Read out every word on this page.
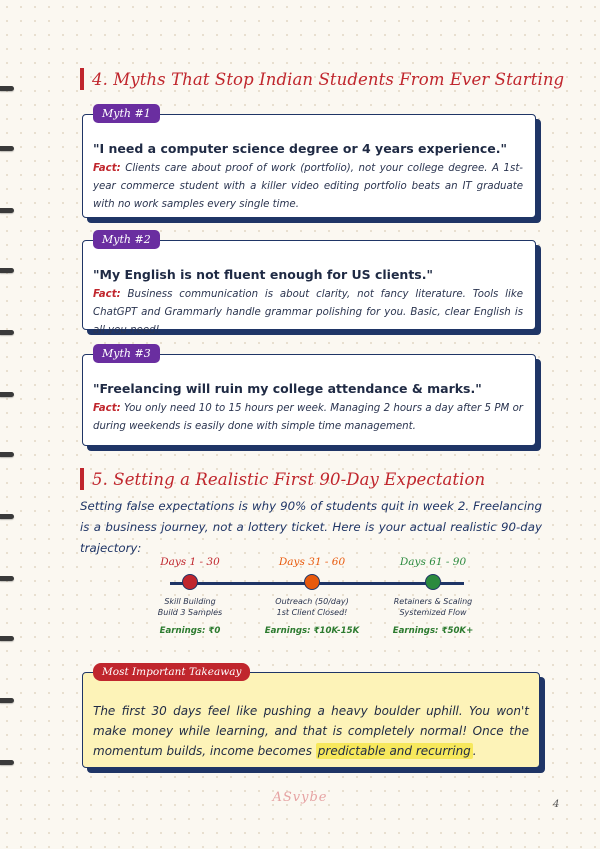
4. Myths That Stop Indian Students From Ever Starting
Myth #1

"I need a computer science degree or 4 years experience."

Fact: Clients care about proof of work (portfolio), not your college degree. A 1st-year commerce student with a killer video editing portfolio beats an IT graduate with no work samples every single time.

Myth #2

"My English is not fluent enough for US clients."

Fact: Business communication is about clarity, not fancy literature. Tools like ChatGPT and Grammarly handle grammar polishing for you. Basic, clear English is all you need!

Myth #3

"Freelancing will ruin my college attendance & marks."

Fact: You only need 10 to 15 hours per week. Managing 2 hours a day after 5 PM or during weekends is easily done with simple time management.

5. Setting a Realistic First 90-Day Expectation
Setting false expectations is why 90% of students quit in week 2. Freelancing is a business journey, not a lottery ticket. Here is your actual realistic 90-day trajectory:
Days 1 - 30
Skill Building
Build 3 Samples
Earnings: ₹0
Days 31 - 60
Outreach (50/day)
1st Client Closed!
Earnings: ₹10K-15K
Days 61 - 90
Retainers & Scaling
Systemized Flow
Earnings: ₹50K+
Most Important Takeaway

The first 30 days feel like pushing a heavy boulder uphill. You won't make money while learning, and that is completely normal! Once the momentum builds, income becomes predictable and recurring .

ASvybe	4
